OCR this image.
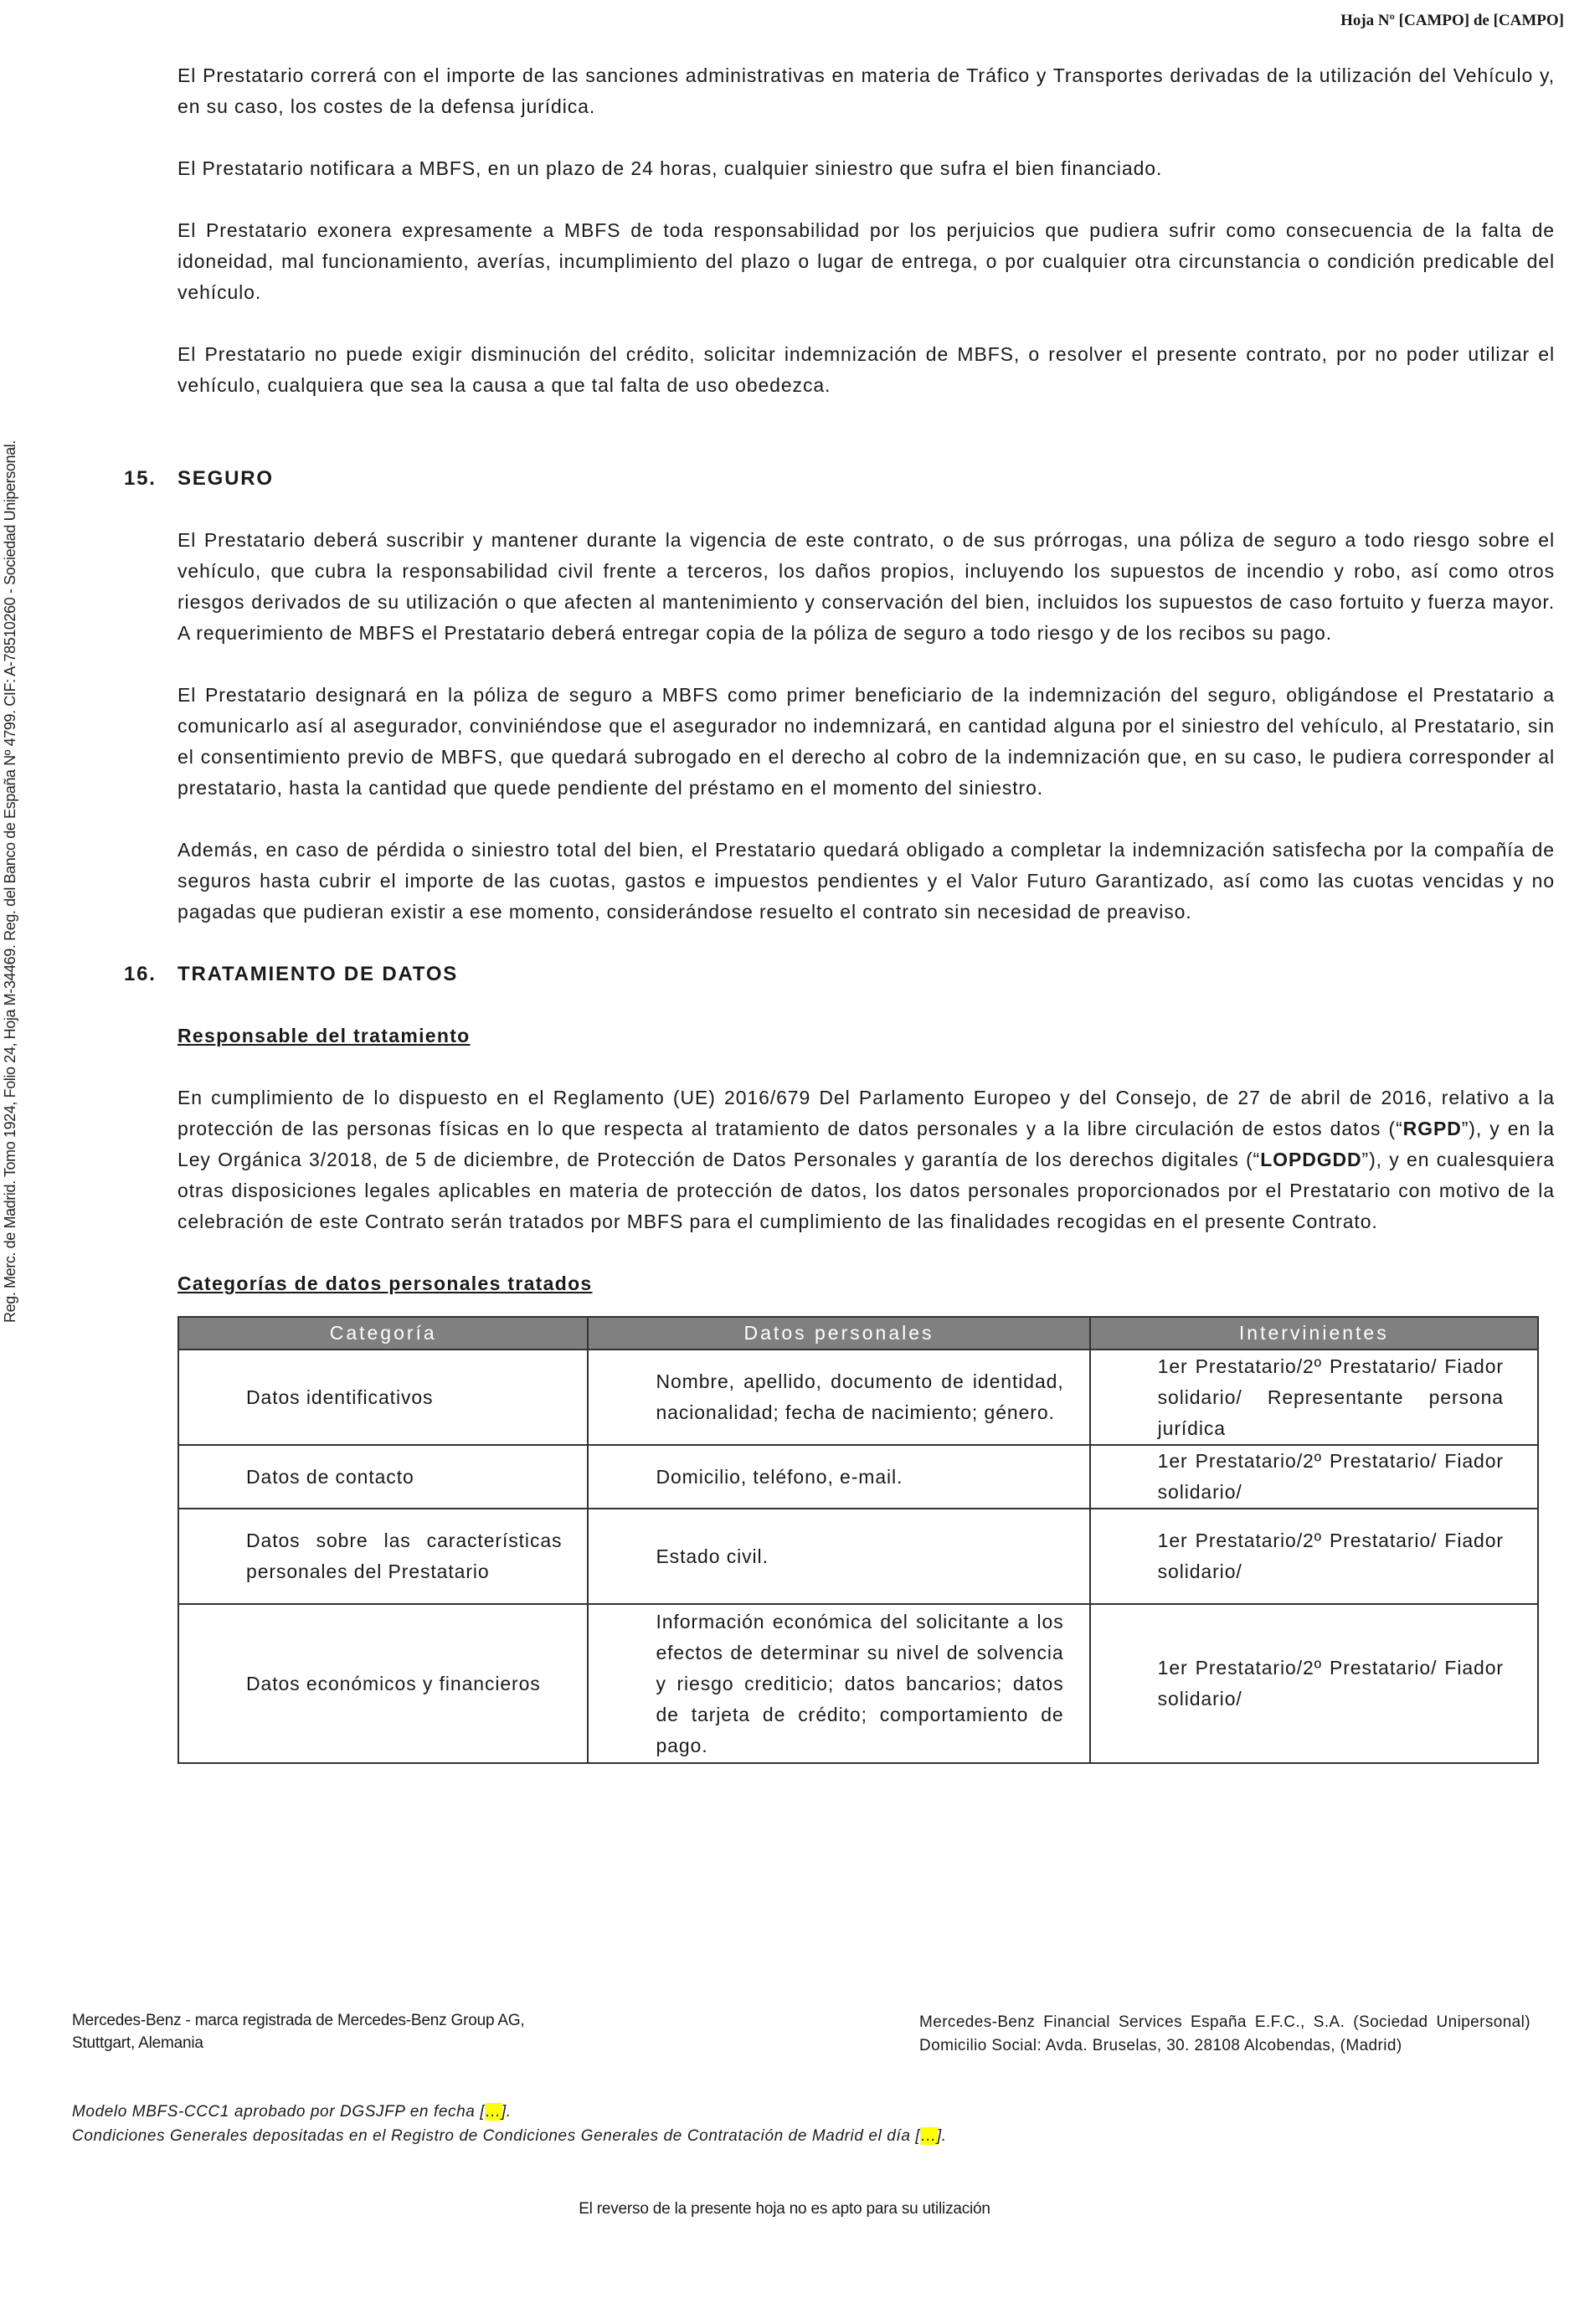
Hoja Nº [CAMPO] de [CAMPO]
Reg. Merc. de Madrid. Tomo 1924, Folio 24, Hoja M-34469. Reg. del Banco de España Nº 4799. CIF: A-78510260 - Sociedad Unipersonal.

El Prestatario correrá con el importe de las sanciones administrativas en materia de Tráfico y Transportes derivadas de la utilización del Vehículo y, en su caso, los costes de la defensa jurídica.

El Prestatario notificara a MBFS, en un plazo de 24 horas, cualquier siniestro que sufra el bien financiado.

El Prestatario exonera expresamente a MBFS de toda responsabilidad por los perjuicios que pudiera sufrir como consecuencia de la falta de idoneidad, mal funcionamiento, averías, incumplimiento del plazo o lugar de entrega, o por cualquier otra circunstancia o condición predicable del vehículo.

El Prestatario no puede exigir disminución del crédito, solicitar indemnización de MBFS, o resolver el presente contrato, por no poder utilizar el vehículo, cualquiera que sea la causa a que tal falta de uso obedezca.

15. SEGURO

El Prestatario deberá suscribir y mantener durante la vigencia de este contrato, o de sus prórrogas, una póliza de seguro a todo riesgo sobre el vehículo, que cubra la responsabilidad civil frente a terceros, los daños propios, incluyendo los supuestos de incendio y robo, así como otros riesgos derivados de su utilización o que afecten al mantenimiento y conservación del bien, incluidos los supuestos de caso fortuito y fuerza mayor. A requerimiento de MBFS el Prestatario deberá entregar copia de la póliza de seguro a todo riesgo y de los recibos su pago.

El Prestatario designará en la póliza de seguro a MBFS como primer beneficiario de la indemnización del seguro, obligándose el Prestatario a comunicarlo así al asegurador, conviniéndose que el asegurador no indemnizará, en cantidad alguna por el siniestro del vehículo, al Prestatario, sin el consentimiento previo de MBFS, que quedará subrogado en el derecho al cobro de la indemnización que, en su caso, le pudiera corresponder al prestatario, hasta la cantidad que quede pendiente del préstamo en el momento del siniestro.

Además, en caso de pérdida o siniestro total del bien, el Prestatario quedará obligado a completar la indemnización satisfecha por la compañía de seguros hasta cubrir el importe de las cuotas, gastos e impuestos pendientes y el Valor Futuro Garantizado, así como las cuotas vencidas y no pagadas que pudieran existir a ese momento, considerándose resuelto el contrato sin necesidad de preaviso.

16. TRATAMIENTO DE DATOS
Responsable del tratamiento

En cumplimiento de lo dispuesto en el Reglamento (UE) 2016/679 Del Parlamento Europeo y del Consejo, de 27 de abril de 2016, relativo a la protección de las personas físicas en lo que respecta al tratamiento de datos personales y a la libre circulación de estos datos (“RGPD”), y en la Ley Orgánica 3/2018, de 5 de diciembre, de Protección de Datos Personales y garantía de los derechos digitales (“LOPDGDD”), y en cualesquiera otras disposiciones legales aplicables en materia de protección de datos, los datos personales proporcionados por el Prestatario con motivo de la celebración de este Contrato serán tratados por MBFS para el cumplimiento de las finalidades recogidas en el presente Contrato.

Categorías de datos personales tratados
Categoría	Datos personales	Intervinientes

Datos identificativos	Nombre, apellido, documento de identidad, nacionalidad; fecha de nacimiento; género.	1er Prestatario/2º Prestatario/ Fiador solidario/ Representante persona jurídica

Datos de contacto	Domicilio, teléfono, e-mail.	1er Prestatario/2º Prestatario/ Fiador solidario/

Datos sobre las características personales del Prestatario	Estado civil.	1er Prestatario/2º Prestatario/ Fiador solidario/

Datos económicos y financieros	Información económica del solicitante a los efectos de determinar su nivel de solvencia y riesgo crediticio; datos bancarios; datos de tarjeta de crédito; comportamiento de pago.	1er Prestatario/2º Prestatario/ Fiador solidario/
Mercedes-Benz - marca registrada de Mercedes-Benz Group AG,
Stuttgart, Alemania
Mercedes-Benz Financial Services España E.F.C., S.A. (Sociedad Unipersonal) Domicilio Social: Avda. Bruselas, 30. 28108 Alcobendas, (Madrid)
Modelo MBFS-CCC1 aprobado por DGSJFP en fecha […].
Condiciones Generales depositadas en el Registro de Condiciones Generales de Contratación de Madrid el día […].
El reverso de la presente hoja no es apto para su utilización
